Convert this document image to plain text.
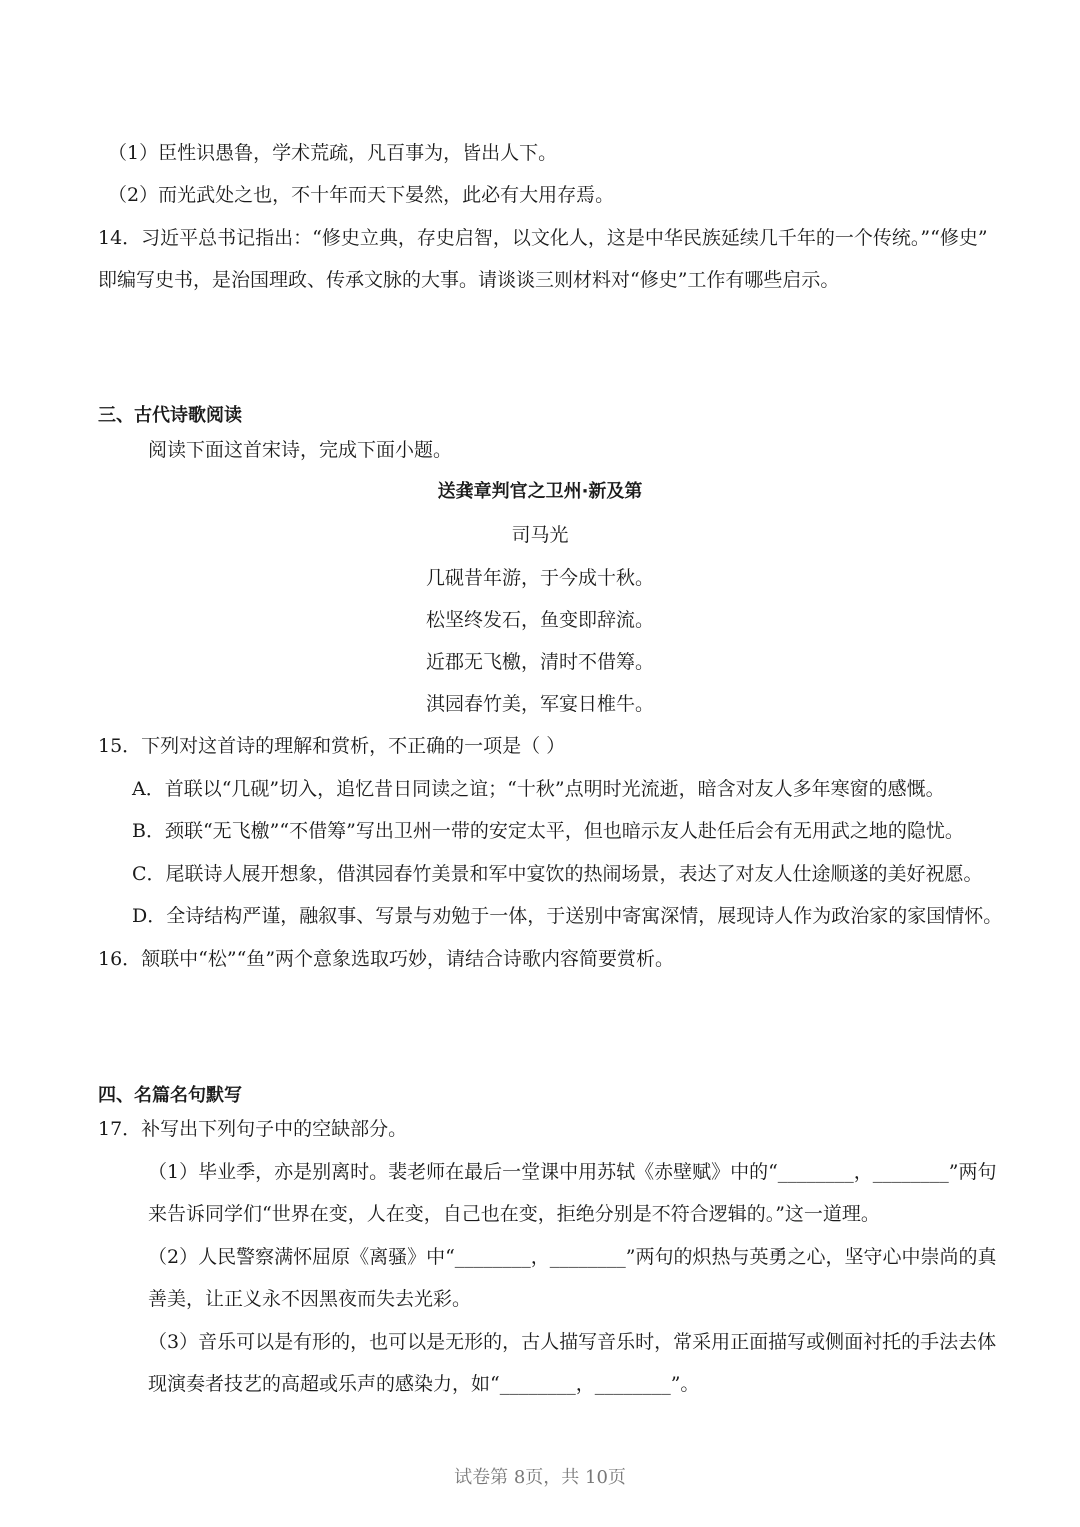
（1）臣性识愚鲁，学术荒疏，凡百事为，皆出人下。
（2）而光武处之也，不十年而天下晏然，此必有大用存焉。
14．习近平总书记指出：“修史立典，存史启智，以文化人，这是中华民族延续几千年的一个传统。”“修史”
即编写史书，是治国理政、传承文脉的大事。请谈谈三则材料对“修史”工作有哪些启示。
三、古代诗歌阅读
阅读下面这首宋诗，完成下面小题。
送龚章判官之卫州·新及第
司马光
几砚昔年游，于今成十秋。
松坚终发石，鱼变即辞流。
近郡无飞檄，清时不借筹。
淇园春竹美，军宴日椎牛。
15．下列对这首诗的理解和赏析，不正确的一项是（ ）
A．首联以“几砚”切入，追忆昔日同读之谊；“十秋”点明时光流逝，暗含对友人多年寒窗的感慨。
B．颈联“无飞檄”“不借筹”写出卫州一带的安定太平，但也暗示友人赴任后会有无用武之地的隐忧。
C．尾联诗人展开想象，借淇园春竹美景和军中宴饮的热闹场景，表达了对友人仕途顺遂的美好祝愿。
D．全诗结构严谨，融叙事、写景与劝勉于一体，于送别中寄寓深情，展现诗人作为政治家的家国情怀。
16．颔联中“松”“鱼”两个意象选取巧妙，请结合诗歌内容简要赏析。
四、名篇名句默写
17．补写出下列句子中的空缺部分。
（1）毕业季，亦是别离时。裴老师在最后一堂课中用苏轼《赤壁赋》中的“________，________”两句
来告诉同学们“世界在变，人在变，自己也在变，拒绝分别是不符合逻辑的。”这一道理。
（2）人民警察满怀屈原《离骚》中“________，________”两句的炽热与英勇之心，坚守心中崇尚的真
善美，让正义永不因黑夜而失去光彩。
（3）音乐可以是有形的，也可以是无形的，古人描写音乐时，常采用正面描写或侧面衬托的手法去体
现演奏者技艺的高超或乐声的感染力，如“________，________”。
试卷第 8页，共 10页
